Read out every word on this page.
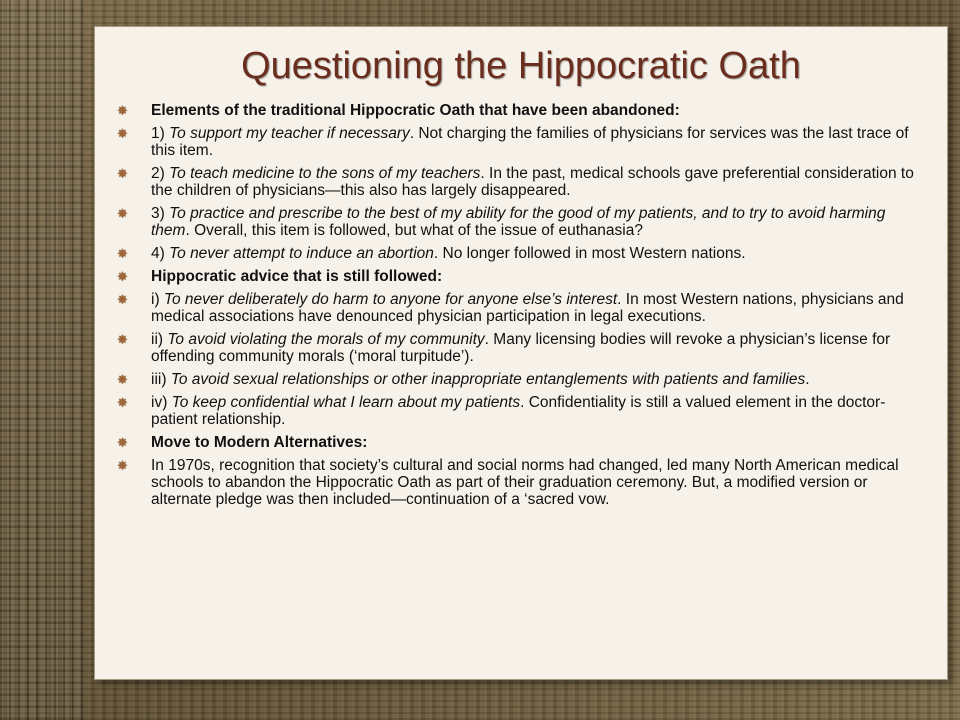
Questioning the Hippocratic Oath
✸ Elements of the traditional Hippocratic Oath that have been abandoned:
✸ 1) To support my teacher if necessary. Not charging the families of physicians for services was the last trace of this item.
✸ 2) To teach medicine to the sons of my teachers. In the past, medical schools gave preferential consideration to the children of physicians—this also has largely disappeared.
✸ 3) To practice and prescribe to the best of my ability for the good of my patients, and to try to avoid harming them. Overall, this item is followed, but what of the issue of euthanasia?
✸ 4) To never attempt to induce an abortion. No longer followed in most Western nations.
✸ Hippocratic advice that is still followed:
✸ i) To never deliberately do harm to anyone for anyone else’s interest. In most Western nations, physicians and medical associations have denounced physician participation in legal executions.
✸ ii) To avoid violating the morals of my community. Many licensing bodies will revoke a physician’s license for offending community morals (‘moral turpitude’).
✸ iii) To avoid sexual relationships or other inappropriate entanglements with patients and families.
✸ iv) To keep confidential what I learn about my patients. Confidentiality is still a valued element in the doctor-patient relationship.
✸ Move to Modern Alternatives:
✸ In 1970s, recognition that society’s cultural and social norms had changed, led many North American medical schools to abandon the Hippocratic Oath as part of their graduation ceremony. But, a modified version or alternate pledge was then included—continuation of a ‘sacred vow.
